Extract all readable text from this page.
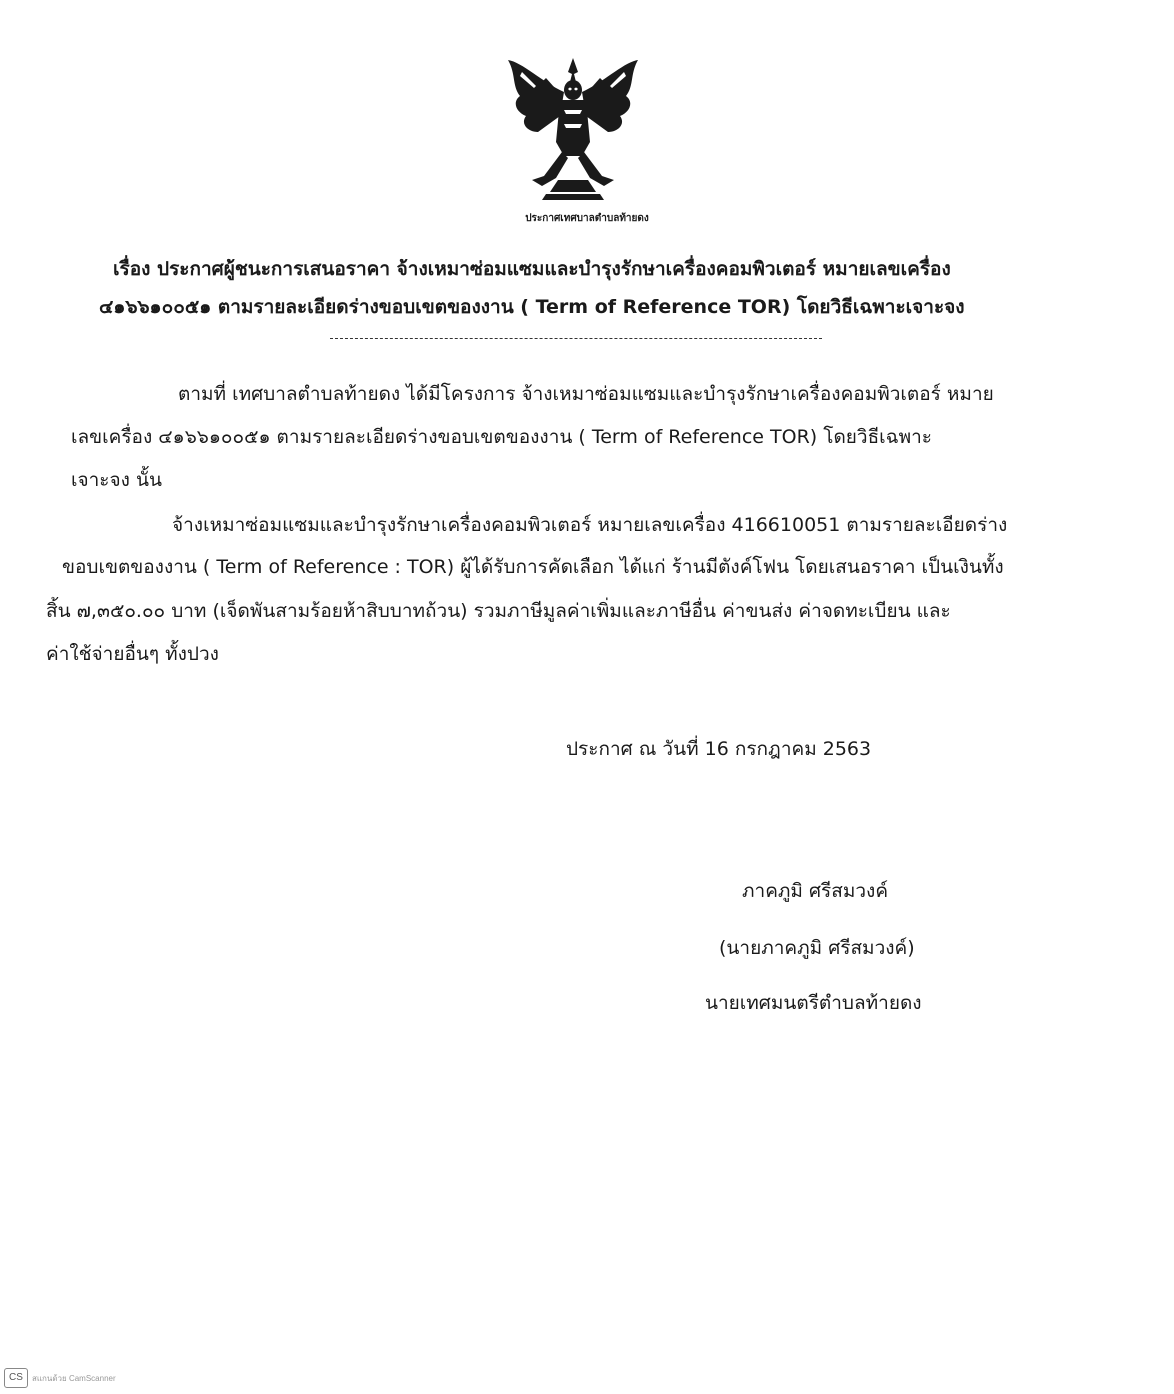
ประกาศเทศบาลตำบลท้ายดง
เรื่อง ประกาศผู้ชนะการเสนอราคา จ้างเหมาซ่อมแซมและบำรุงรักษาเครื่องคอมพิวเตอร์ หมายเลขเครื่อง
๔๑๖๖๑๐๐๕๑ ตามรายละเอียดร่างขอบเขตของงาน ( Term of Reference TOR) โดยวิธีเฉพาะเจาะจง
ตามที่ เทศบาลตำบลท้ายดง ได้มีโครงการ จ้างเหมาซ่อมแซมและบำรุงรักษาเครื่องคอมพิวเตอร์ หมาย
เลขเครื่อง ๔๑๖๖๑๐๐๕๑ ตามรายละเอียดร่างขอบเขตของงาน ( Term of Reference TOR) โดยวิธีเฉพาะ
เจาะจง นั้น
จ้างเหมาซ่อมแซมและบำรุงรักษาเครื่องคอมพิวเตอร์ หมายเลขเครื่อง 416610051 ตามรายละเอียดร่าง
ขอบเขตของงาน ( Term of Reference : TOR) ผู้ได้รับการคัดเลือก ได้แก่ ร้านมีตังค์โฟน โดยเสนอราคา เป็นเงินทั้ง
สิ้น ๗,๓๕๐.๐๐ บาท (เจ็ดพันสามร้อยห้าสิบบาทถ้วน) รวมภาษีมูลค่าเพิ่มและภาษีอื่น ค่าขนส่ง ค่าจดทะเบียน และ
ค่าใช้จ่ายอื่นๆ ทั้งปวง
ประกาศ ณ วันที่ 16 กรกฎาคม 2563
ภาคภูมิ ศรีสมวงค์
(นายภาคภูมิ ศรีสมวงค์)
นายเทศมนตรีตำบลท้ายดง
CS	สแกนด้วย CamScanner
